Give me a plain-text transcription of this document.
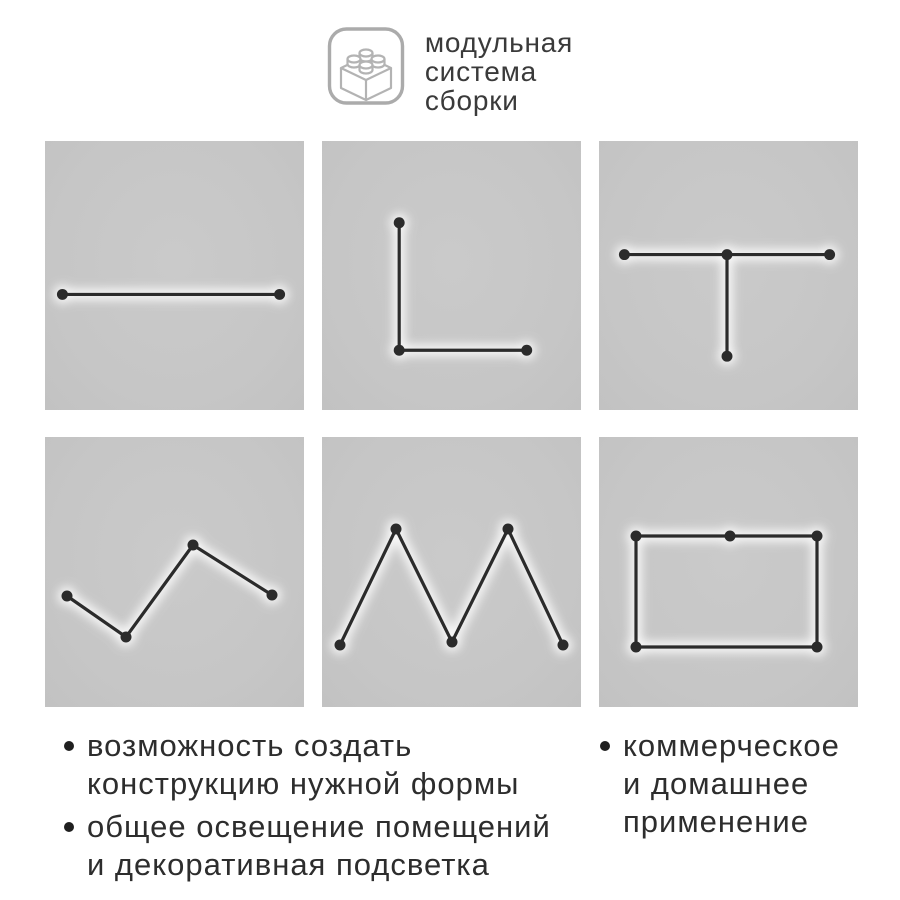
модульная
система
сборки
возможность создать
конструкцию нужной формы
общее освещение помещений
и декоративная подсветка
коммерческое
и домашнее
применение
